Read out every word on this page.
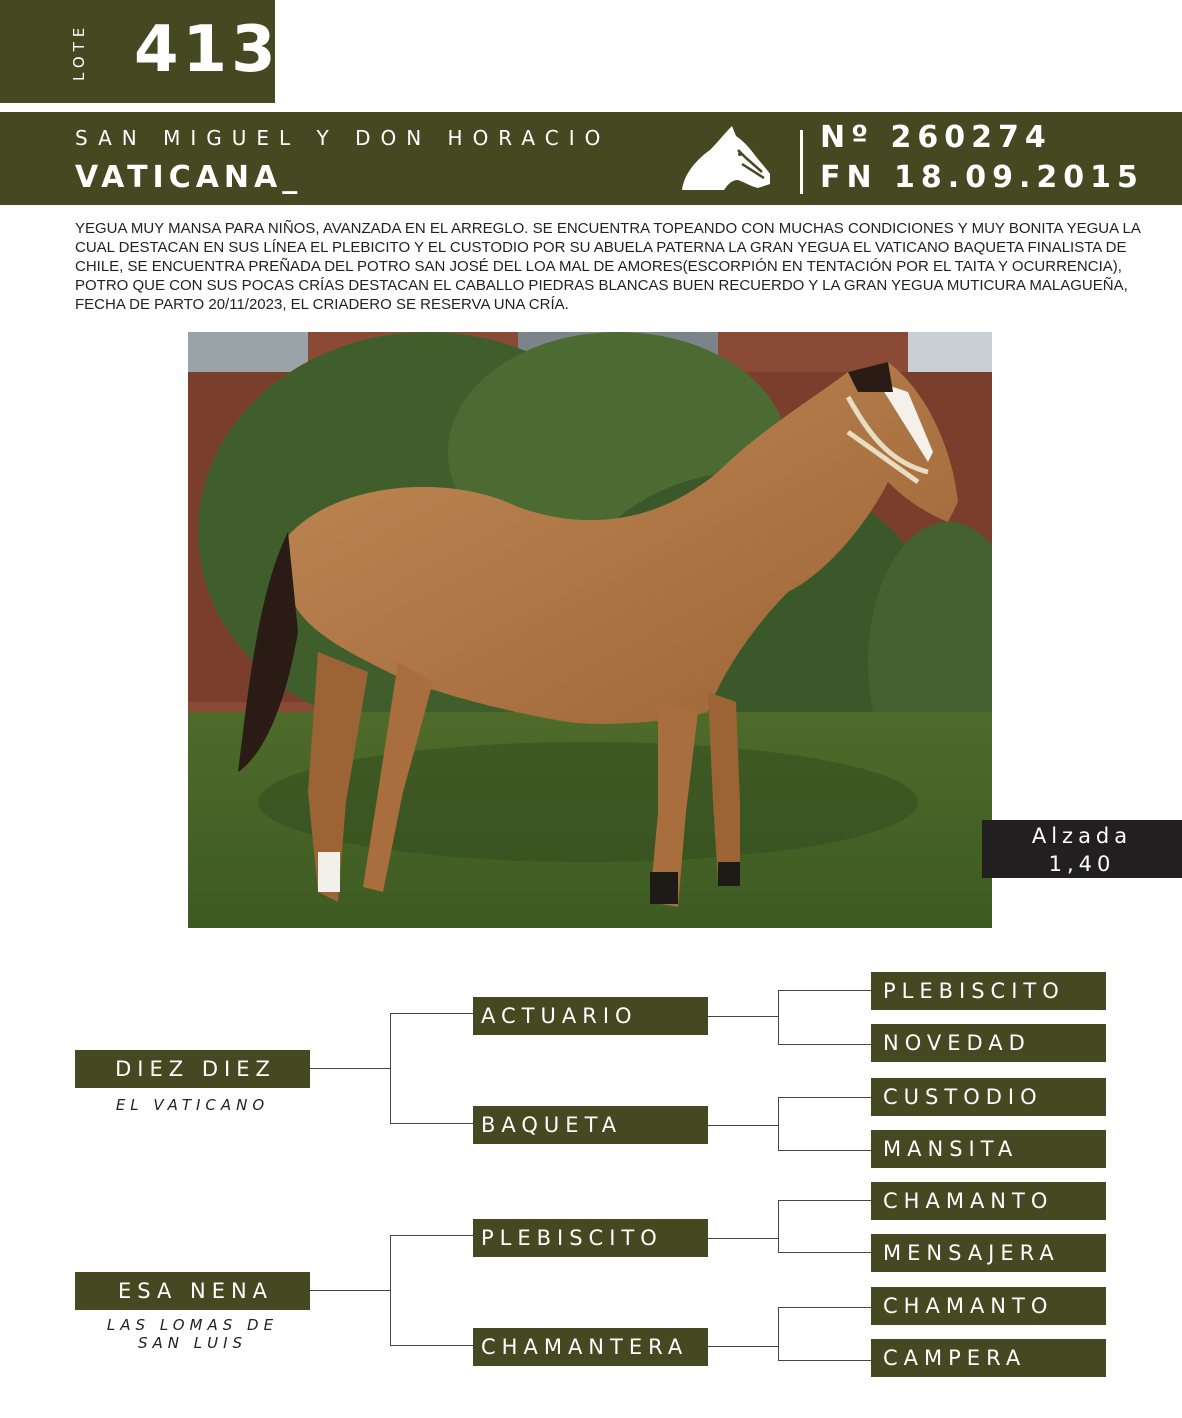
LOTE 413
SAN MIGUEL Y DON HORACIO
VATICANA_
Nº 260274
FN 18.09.2015
YEGUA MUY MANSA PARA NIÑOS, AVANZADA EN EL ARREGLO. SE ENCUENTRA TOPEANDO CON MUCHAS CONDICIONES Y MUY BONITA YEGUA LA CUAL DESTACAN EN SUS LÍNEA EL PLEBICITO Y EL CUSTODIO POR SU ABUELA PATERNA LA GRAN YEGUA EL VATICANO BAQUETA FINALISTA DE CHILE, SE ENCUENTRA PREÑADA DEL POTRO SAN JOSÉ DEL LOA MAL DE AMORES(ESCORPIÓN EN TENTACIÓN POR EL TAITA Y OCURRENCIA), POTRO QUE CON SUS POCAS CRÍAS DESTACAN EL CABALLO PIEDRAS BLANCAS BUEN RECUERDO Y LA GRAN YEGUA MUTICURA MALAGUEÑA, FECHA DE PARTO 20/11/2023, EL CRIADERO SE RESERVA UNA CRÍA.
Alzada
1,40
DIEZ DIEZ
EL VATICANO
ESA NENA
LAS LOMAS DE
SAN LUIS
ACTUARIO
BAQUETA
PLEBISCITO
CHAMANTERA
PLEBISCITO
NOVEDAD
CUSTODIO
MANSITA
CHAMANTO
MENSAJERA
CHAMANTO
CAMPERA
